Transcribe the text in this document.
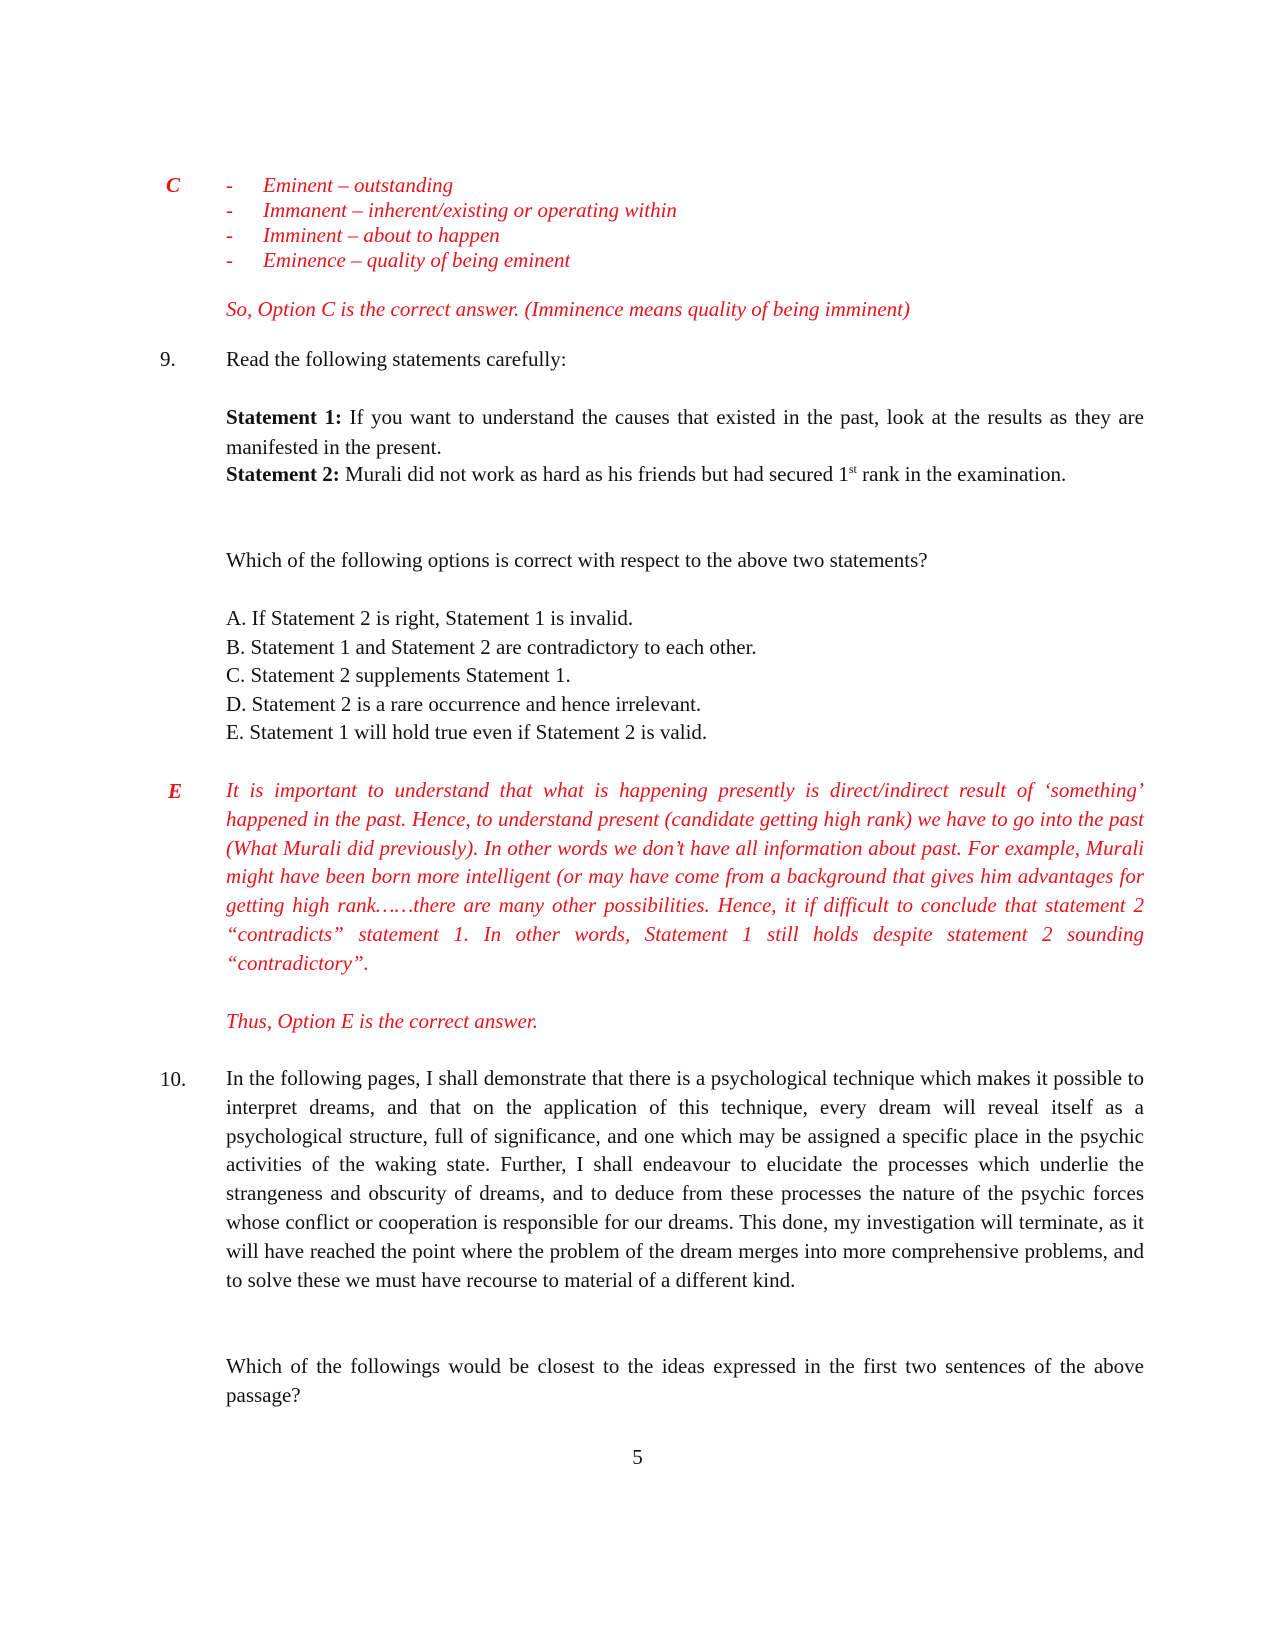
C -	Eminent – outstanding
-	Immanent – inherent/existing or operating within
-	Imminent – about to happen
-	Eminence – quality of being eminent
So, Option C is the correct answer. (Imminence means quality of being imminent)
9. Read the following statements carefully:
Statement 1: If you want to understand the causes that existed in the past, look at the results as they are manifested in the present.
Statement 2: Murali did not work as hard as his friends but had secured 1st rank in the examination.
Which of the following options is correct with respect to the above two statements?
A. If Statement 2 is right, Statement 1 is invalid.
B. Statement 1 and Statement 2 are contradictory to each other.
C. Statement 2 supplements Statement 1.
D. Statement 2 is a rare occurrence and hence irrelevant.
E. Statement 1 will hold true even if Statement 2 is valid.
E It is important to understand that what is happening presently is direct/indirect result of ‘something’ happened in the past. Hence, to understand present (candidate getting high rank) we have to go into the past (What Murali did previously). In other words we don’t have all information about past. For example, Murali might have been born more intelligent (or may have come from a background that gives him advantages for getting high rank……there are many other possibilities. Hence, it if difficult to conclude that statement 2 “contradicts” statement 1. In other words, Statement 1 still holds despite statement 2 sounding “contradictory”.
Thus, Option E is the correct answer.
10. In the following pages, I shall demonstrate that there is a psychological technique which makes it possible to interpret dreams, and that on the application of this technique, every dream will reveal itself as a psychological structure, full of significance, and one which may be assigned a specific place in the psychic activities of the waking state. Further, I shall endeavour to elucidate the processes which underlie the strangeness and obscurity of dreams, and to deduce from these processes the nature of the psychic forces whose conflict or cooperation is responsible for our dreams. This done, my investigation will terminate, as it will have reached the point where the problem of the dream merges into more comprehensive problems, and to solve these we must have recourse to material of a different kind.
Which of the followings would be closest to the ideas expressed in the first two sentences of the above passage?
5
